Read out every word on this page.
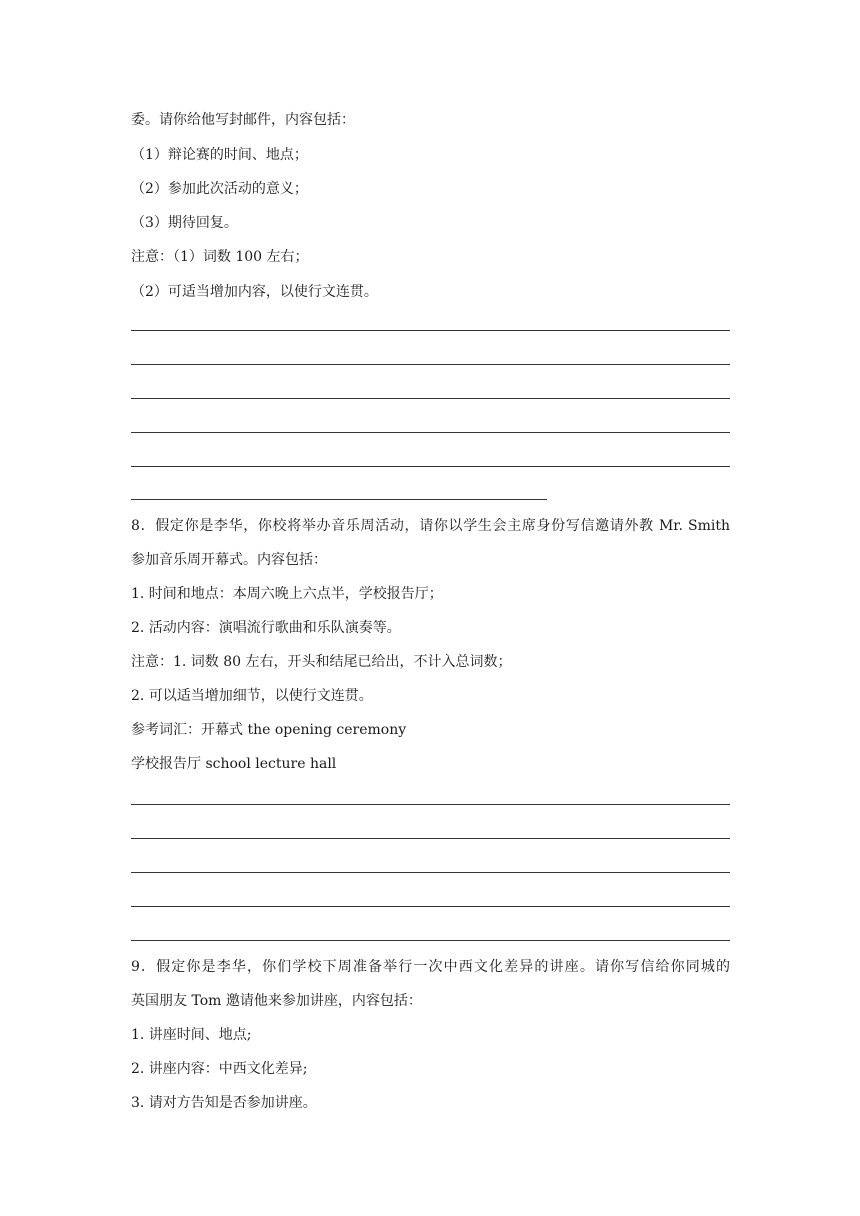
委。请你给他写封邮件，内容包括：
（1）辩论赛的时间、地点；
（2）参加此次活动的意义；
（3）期待回复。
注意：（1）词数 100 左右；
（2）可适当增加内容，以使行文连贯。
8．假定你是李华，你校将举办音乐周活动，请你以学生会主席身份写信邀请外教 Mr. Smith
参加音乐周开幕式。内容包括：
1. 时间和地点：本周六晚上六点半，学校报告厅；
2. 活动内容：演唱流行歌曲和乐队演奏等。
注意：1. 词数 80 左右，开头和结尾已给出，不计入总词数；
2. 可以适当增加细节，以使行文连贯。
参考词汇：开幕式 the opening ceremony
学校报告厅 school lecture hall
9．假定你是李华，你们学校下周准备举行一次中西文化差异的讲座。请你写信给你同城的
英国朋友 Tom 邀请他来参加讲座，内容包括：
1. 讲座时间、地点;
2. 讲座内容：中西文化差异;
3. 请对方告知是否参加讲座。
